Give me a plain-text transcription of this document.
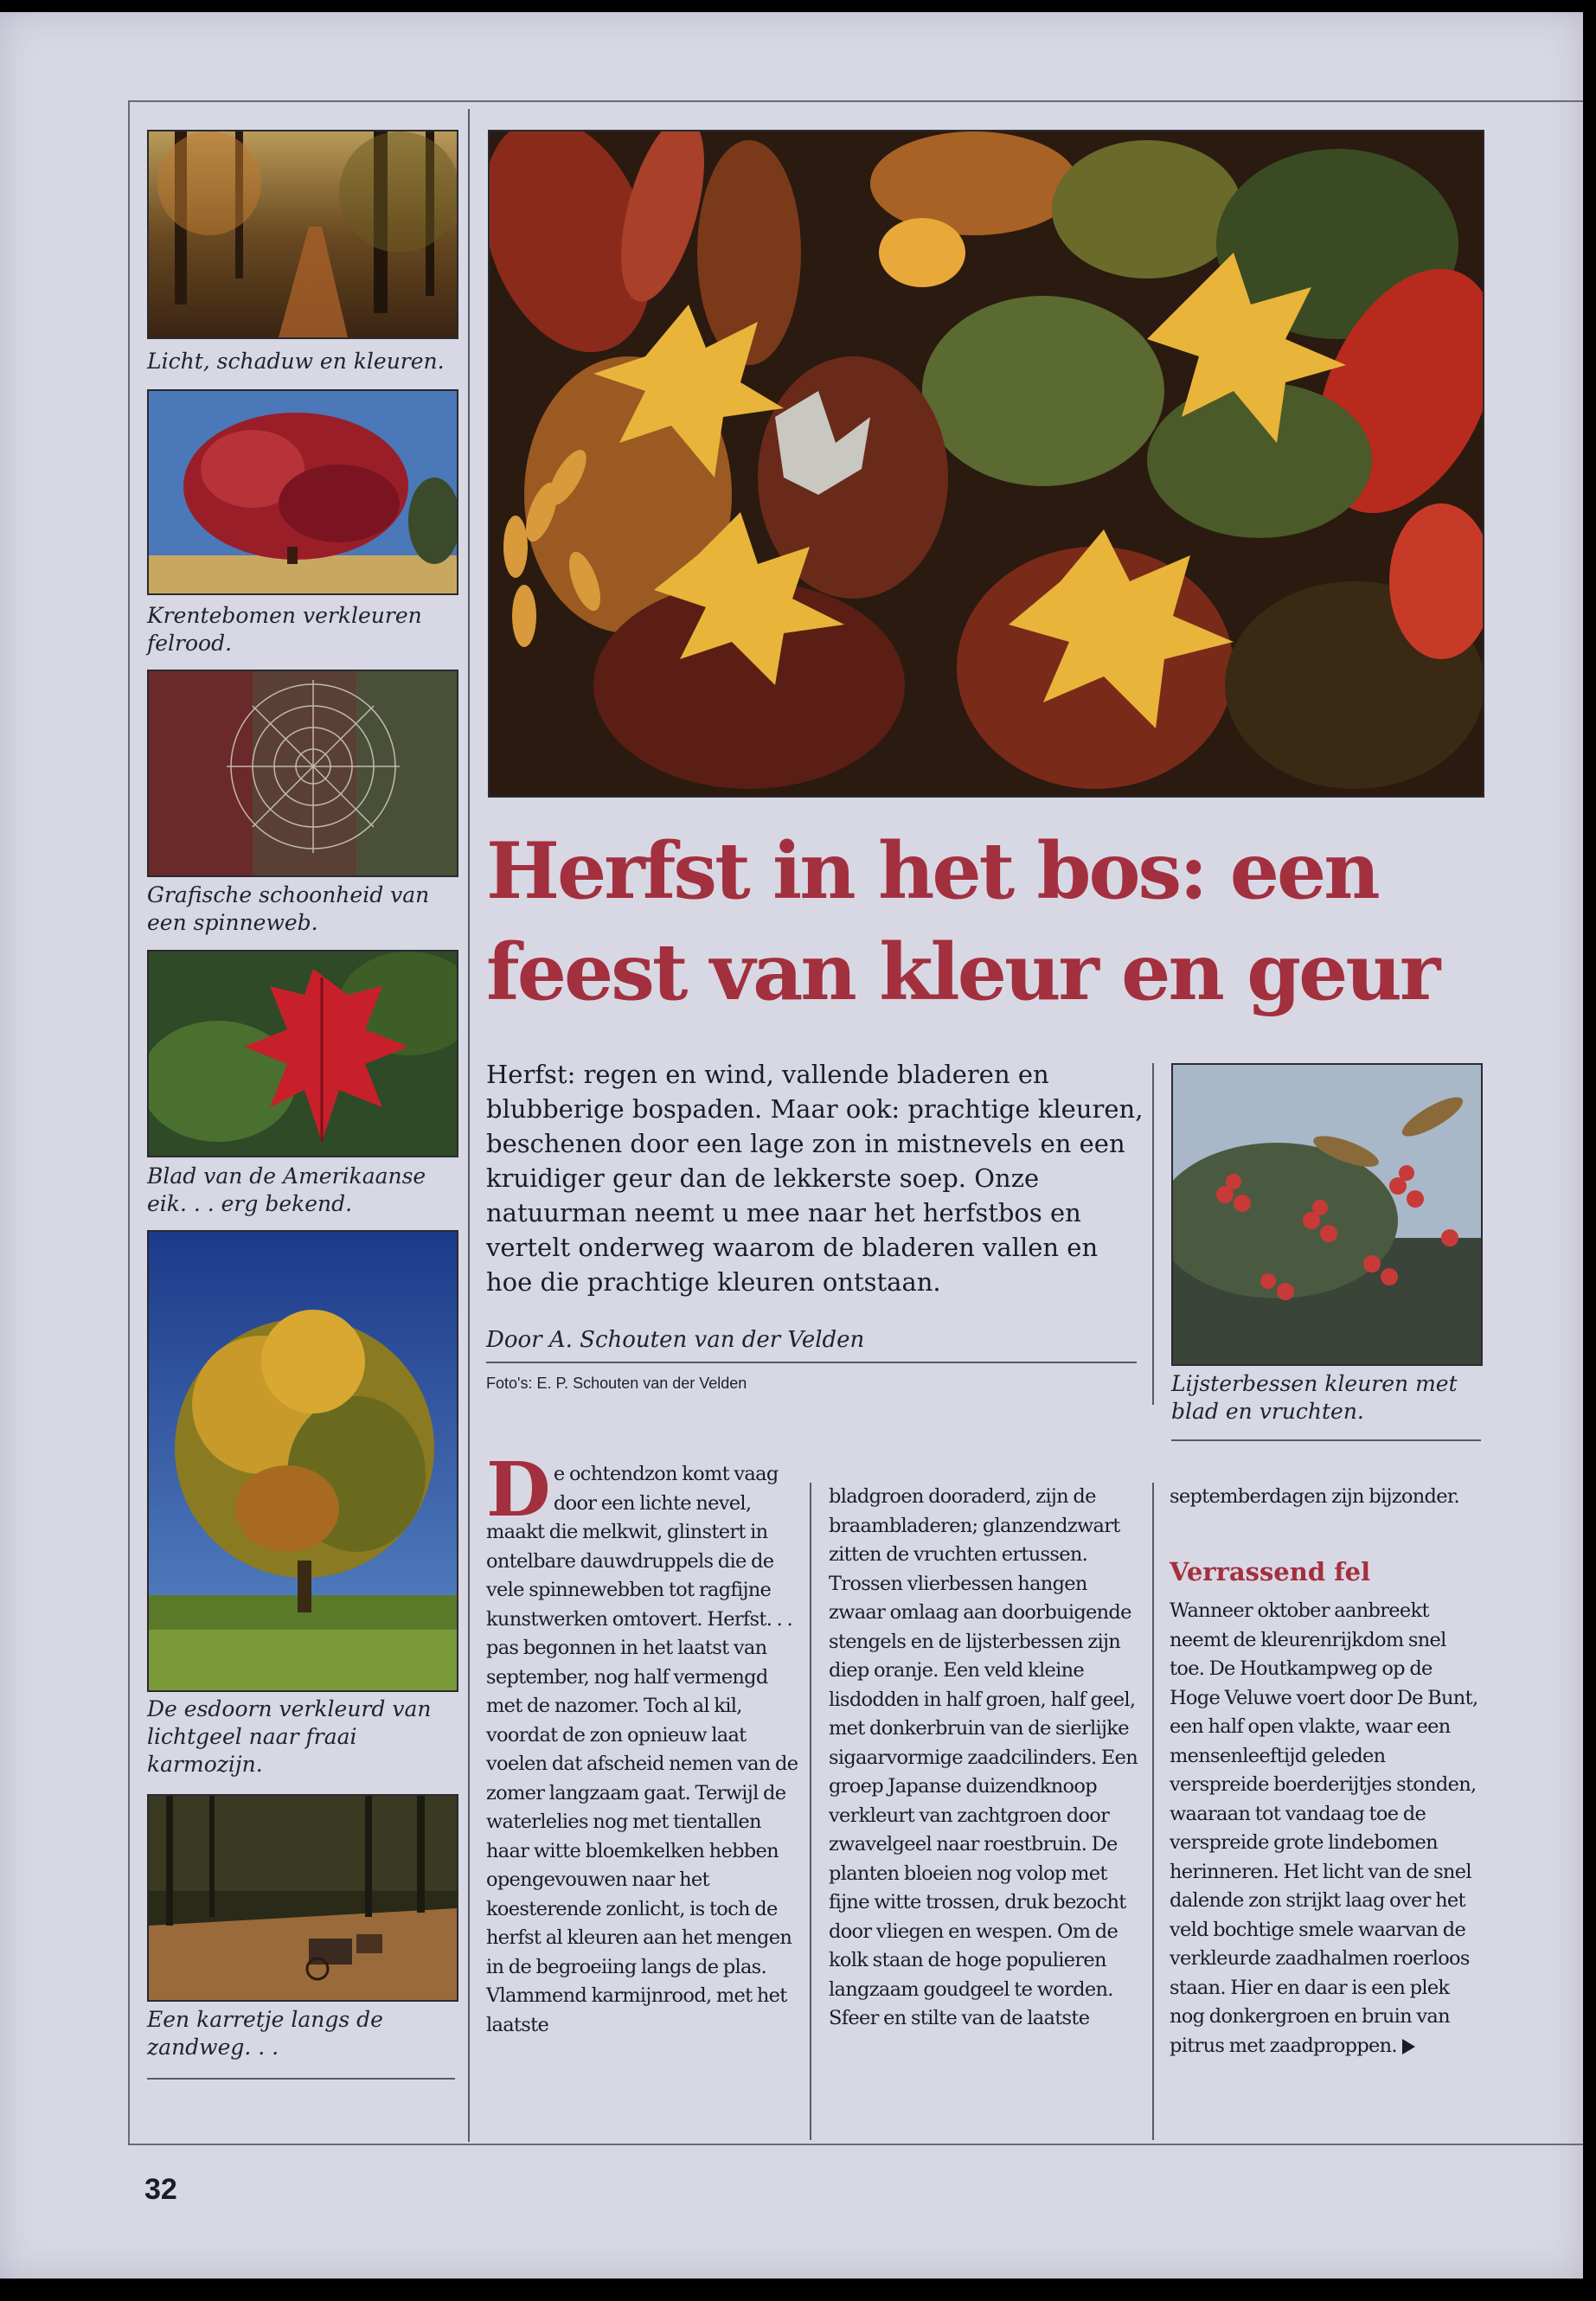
Licht, schaduw en kleuren.

Krentebomen verkleuren felrood.

Grafische schoonheid van een spinneweb.

Blad van de Amerikaanse eik. . . erg bekend.

De esdoorn verkleurd van lichtgeel naar fraai karmozijn.

Een karretje langs de zandweg. . .

Herfst in het bos: een feest van kleur en geur

Herfst: regen en wind, vallende bladeren en blubberige bospaden. Maar ook: prachtige kleuren, beschenen door een lage zon in mistnevels en een kruidiger geur dan de lekkerste soep. Onze natuurman neemt u mee naar het herfstbos en vertelt onderweg waarom de bladeren vallen en hoe die prachtige kleuren ontstaan.

Door A. Schouten van der Velden

Foto's: E. P. Schouten van der Velden	Lijsterbessen kleuren met blad en vruchten.

De ochtendzon komt vaag door een lichte nevel, maakt die melkwit, glinstert in ontelbare dauwdruppels die de vele spinnewebben tot ragfijne kunstwerken omtovert. Herfst. . . pas begonnen in het laatst van september, nog half vermengd met de nazomer. Toch al kil, voordat de zon opnieuw laat voelen dat afscheid nemen van de zomer langzaam gaat. Terwijl de waterlelies nog met tientallen haar witte bloemkelken hebben opengevouwen naar het koesterende zonlicht, is toch de herfst al kleuren aan het mengen in de begroeiing langs de plas. Vlammend karmijnrood, met het laatste

bladgroen dooraderd, zijn de braambladeren; glanzendzwart zitten de vruchten ertussen. Trossen vlierbessen hangen zwaar omlaag aan doorbuigende stengels en de lijsterbessen zijn diep oranje. Een veld kleine lisdodden in half groen, half geel, met donkerbruin van de sierlijke sigaarvormige zaadcilinders. Een groep Japanse duizendknoop verkleurt van zachtgroen door zwavelgeel naar roestbruin. De planten bloeien nog volop met fijne witte trossen, druk bezocht door vliegen en wespen. Om de kolk staan de hoge populieren langzaam goudgeel te worden. Sfeer en stilte van de laatste

septemberdagen zijn bijzonder.

Verrassend fel

Wanneer oktober aanbreekt neemt de kleurenrijkdom snel toe. De Houtkampweg op de Hoge Veluwe voert door De Bunt, een half open vlakte, waar een mensenleeftijd geleden verspreide boerderijtjes stonden, waaraan tot vandaag toe de verspreide grote lindebomen herinneren. Het licht van de snel dalende zon strijkt laag over het veld bochtige smele waarvan de verkleurde zaadhalmen roerloos staan. Hier en daar is een plek nog donkergroen en bruin van pitrus met zaadproppen.

32
